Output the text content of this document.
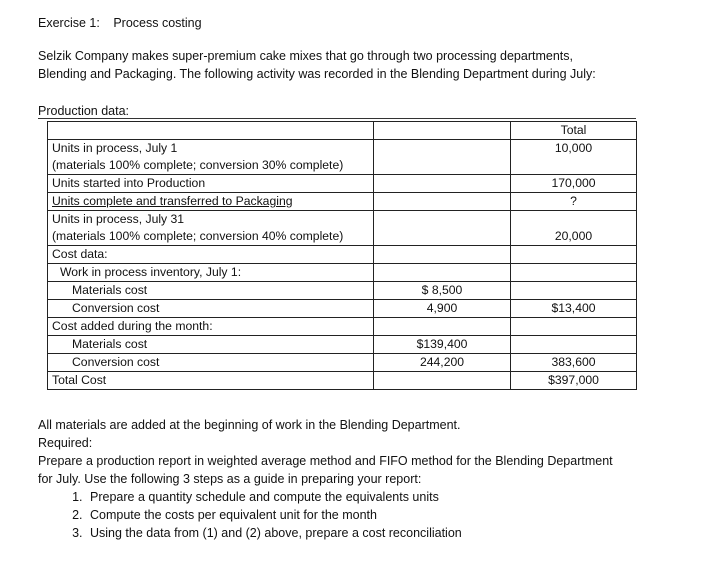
Exercise 1: Process costing
Selzik Company makes super-premium cake mixes that go through two processing departments,
Blending and Packaging. The following activity was recorded in the Blending Department during July:
Production data:
		Total

Units in process, July 1
(materials 100% complete; conversion 30% complete)		10,000
Units started into Production		170,000
Units complete and transferred to Packaging		?

Units in process, July 31
(materials 100% complete; conversion 40% complete)		20,000
Cost data:		
Work in process inventory, July 1:		
Materials cost	$ 8,500	
Conversion cost	4,900	$13,400
Cost added during the month:		
Materials cost	$139,400	
Conversion cost	244,200	383,600
Total Cost		$397,000
All materials are added at the beginning of work in the Blending Department.
Required:
Prepare a production report in weighted average method and FIFO method for the Blending Department
for July. Use the following 3 steps as a guide in preparing your report:
1. Prepare a quantity schedule and compute the equivalents units
2. Compute the costs per equivalent unit for the month
3. Using the data from (1) and (2) above, prepare a cost reconciliation
